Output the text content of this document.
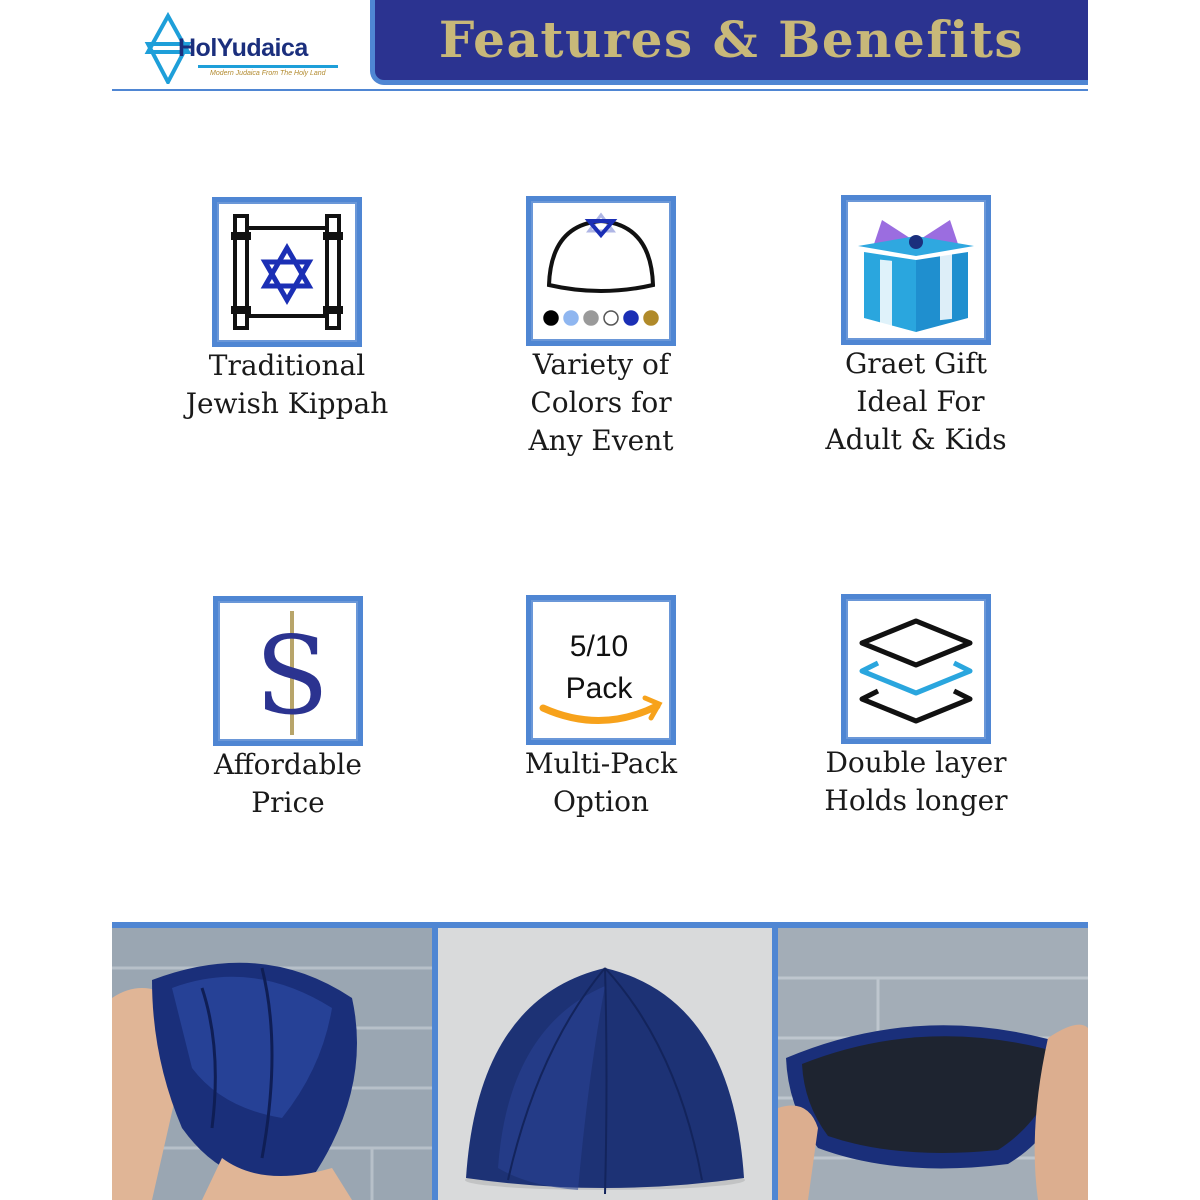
HolYudaica
Modern Judaica From The Holy Land
Features & Benefits
Traditional
Jewish Kippah
Variety of
Colors for
Any Event
Graet Gift
Ideal For
Adult & Kids
S
Affordable
Price
5/10
Pack
Multi-Pack
Option
Double layer
Holds longer
